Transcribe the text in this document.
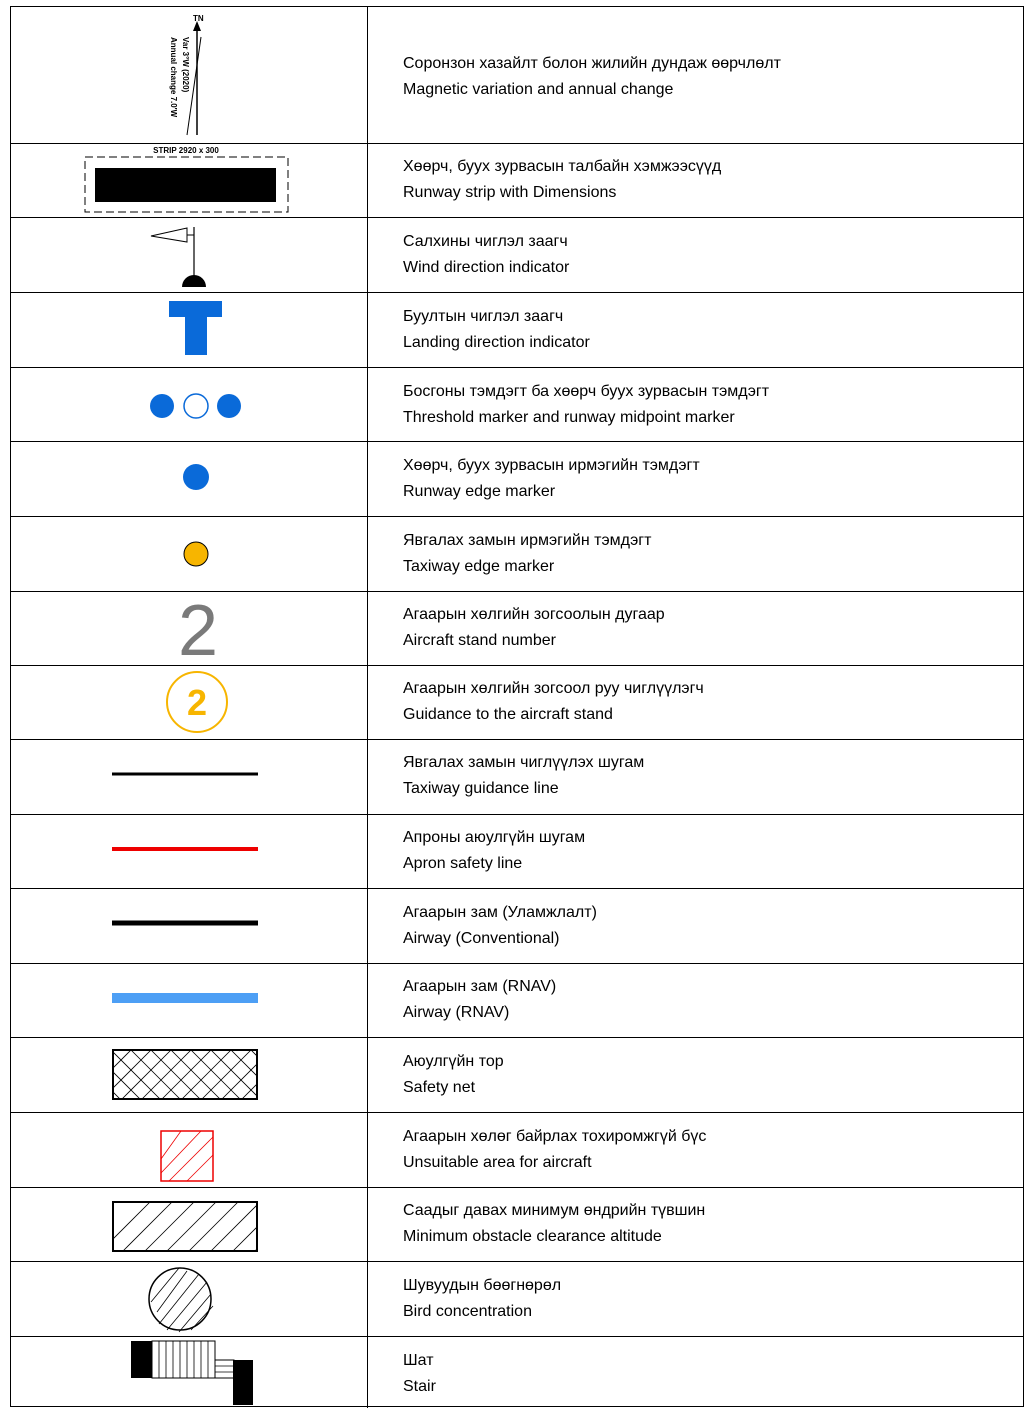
TN
Var 3°W (2020)
Annual change 7.0'W	Соронзон хазайлт болон жилийн дундаж өөрчлөлт
Magnetic variation and annual change
STRIP 2920 x 300
Хөөрч, буух зурвасын талбайн хэмжээсүүд
Runway strip with Dimensions
Салхины чиглэл заагч
Wind direction indicator
Буултын чиглэл заагч
Landing direction indicator
Босгоны тэмдэгт ба хөөрч буух зурвасын тэмдэгт
Threshold marker and runway midpoint marker
Хөөрч, буух зурвасын ирмэгийн тэмдэгт
Runway edge marker
Явгалах замын ирмэгийн тэмдэгт
Taxiway edge marker
2	Агаарын хөлгийн зогсоолын дугаар
Aircraft stand number
2	Агаарын хөлгийн зогсоол руу чиглүүлэгч
Guidance to the aircraft stand
Явгалах замын чиглүүлэх шугам
Taxiway guidance line
Апроны аюулгүйн шугам
Apron safety line
Агаарын зам (Уламжлалт)
Airway (Conventional)
Агаарын зам (RNAV)
Airway (RNAV)
Аюулгүйн тор
Safety net
Агаарын хөлөг байрлах тохиромжгүй бүс
Unsuitable area for aircraft
Саадыг давах минимум өндрийн түвшин
Minimum obstacle clearance altitude
Шувуудын бөөгнөрөл
Bird concentration
Шат
Stair
